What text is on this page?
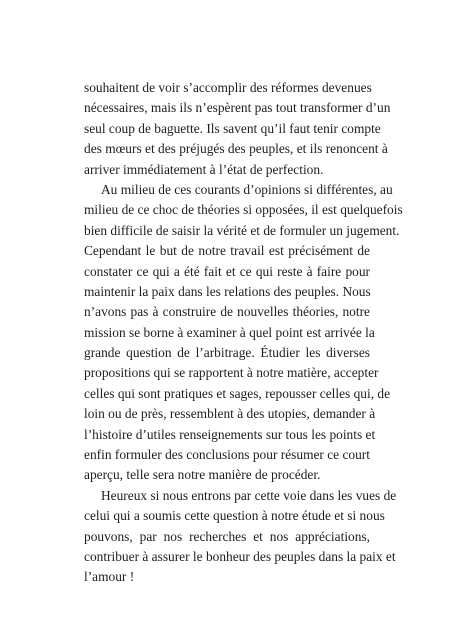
souhaitent de voir s’accomplir des réformes devenues
nécessaires, mais ils n’espèrent pas tout transformer d’un
seul coup de baguette. Ils savent qu’il faut tenir compte
des mœurs et des préjugés des peuples, et ils renoncent à
arriver immédiatement à l’état de perfection.
Au milieu de ces courants d’opinions si différentes, au
milieu de ce choc de théories si opposées, il est quelquefois
bien difficile de saisir la vérité et de formuler un jugement.
Cependant le but de notre travail est précisément de
constater ce qui a été fait et ce qui reste à faire pour
maintenir la paix dans les relations des peuples. Nous
n’avons pas à construire de nouvelles théories, notre
mission se borne à examiner à quel point est arrivée la
grande question de l’arbitrage. Étudier les diverses
propositions qui se rapportent à notre matière, accepter
celles qui sont pratiques et sages, repousser celles qui, de
loin ou de près, ressemblent à des utopies, demander à
l’histoire d’utiles renseignements sur tous les points et
enfin formuler des conclusions pour résumer ce court
aperçu, telle sera notre manière de procéder.
Heureux si nous entrons par cette voie dans les vues de
celui qui a soumis cette question à notre étude et si nous
pouvons, par nos recherches et nos appréciations,
contribuer à assurer le bonheur des peuples dans la paix et
l’amour !
